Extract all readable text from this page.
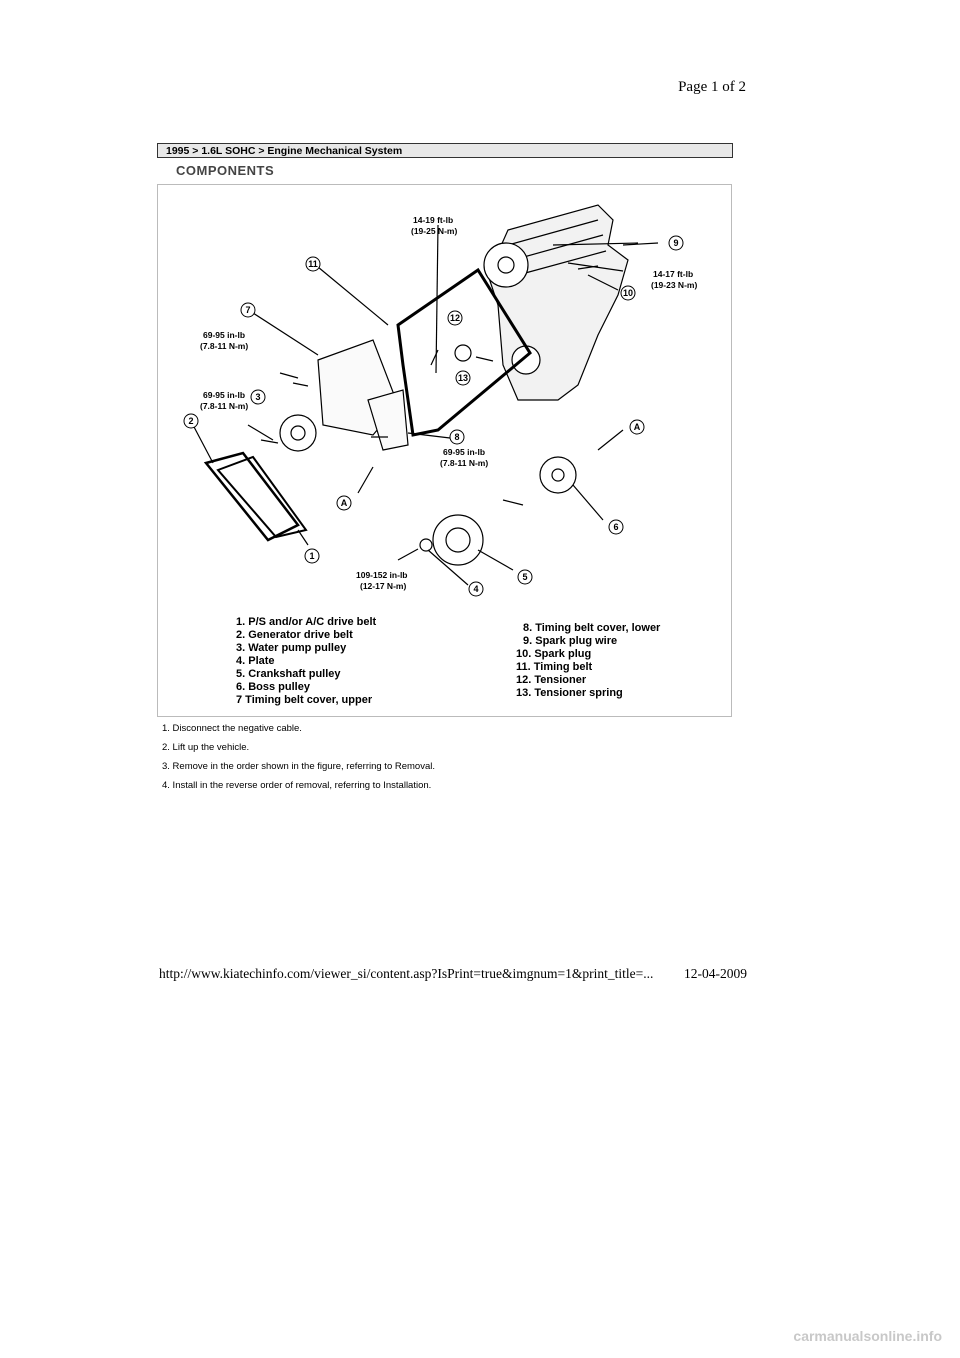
Page 1 of 2
1995 > 1.6L SOHC > Engine Mechanical System
COMPONENTS
9
10
11
7
12
13
3
2
8
A
A
6
1
5
4
14-19 ft-lb
(19-25 N-m)
14-17 ft-lb
(19-23 N-m)
69-95 in-lb
(7.8-11 N-m)
69-95 in-lb
(7.8-11 N-m)
69-95 in-lb
(7.8-11 N-m)
109-152 in-lb
(12-17 N-m)
1. P/S and/or A/C drive belt
2. Generator drive belt
3. Water pump pulley
4. Plate
5. Crankshaft pulley
6. Boss pulley
7 Timing belt cover, upper
8. Timing belt cover, lower
9. Spark plug wire
10. Spark plug
11. Timing belt
12. Tensioner
13. Tensioner spring
1. Disconnect the negative cable.
2. Lift up the vehicle.
3. Remove in the order shown in the figure, referring to Removal.
4. Install in the reverse order of removal, referring to Installation.
http://www.kiatechinfo.com/viewer_si/content.asp?IsPrint=true&imgnum=1&print_title=... 12-04-2009
carmanualsonline.info
